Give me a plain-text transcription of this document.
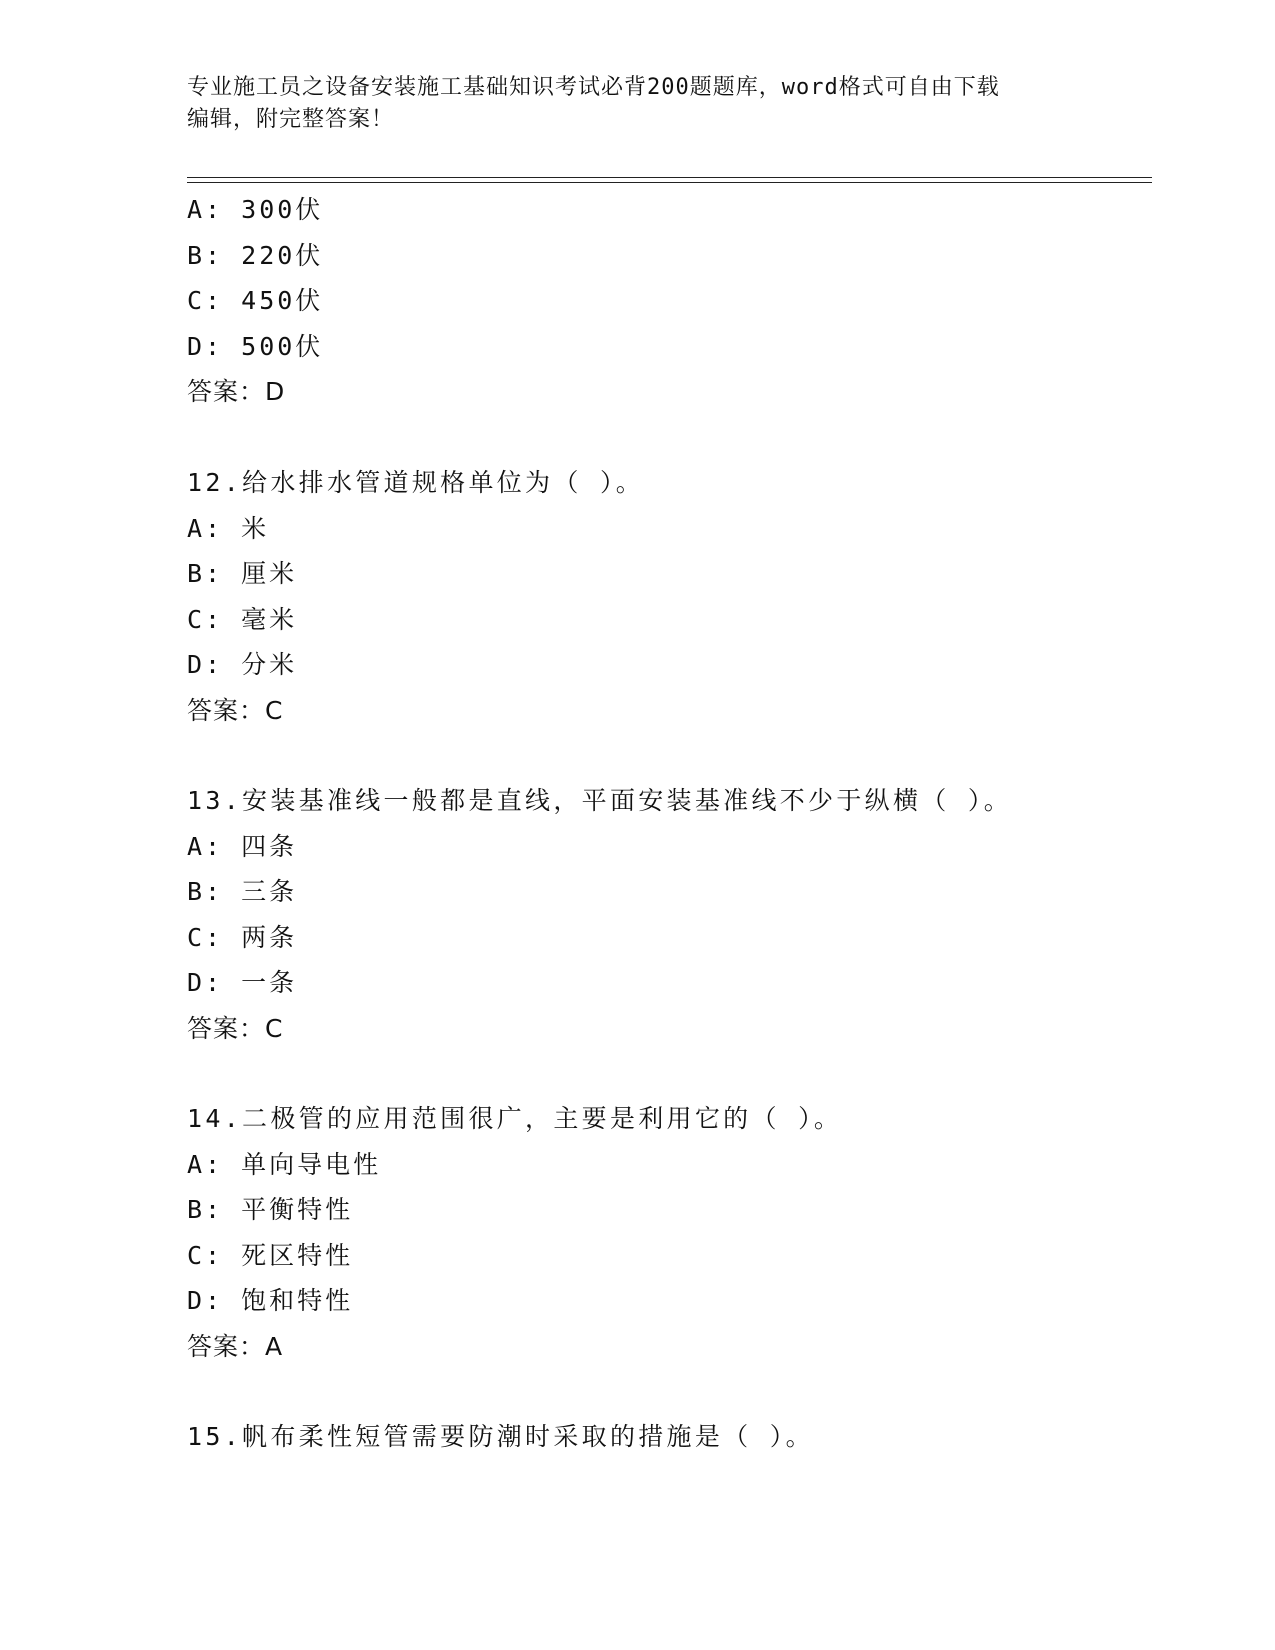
专业施工员之设备安装施工基础知识考试必背200题题库，word格式可自由下载
编辑，附完整答案！
A: 300伏
B: 220伏
C: 450伏
D: 500伏
答案：D
12.给水排水管道规格单位为（ ）。
A: 米
B: 厘米
C: 毫米
D: 分米
答案：C
13.安装基准线一般都是直线，平面安装基准线不少于纵横（ ）。
A: 四条
B: 三条
C: 两条
D: 一条
答案：C
14.二极管的应用范围很广，主要是利用它的（ ）。
A: 单向导电性
B: 平衡特性
C: 死区特性
D: 饱和特性
答案：A
15.帆布柔性短管需要防潮时采取的措施是（ ）。
